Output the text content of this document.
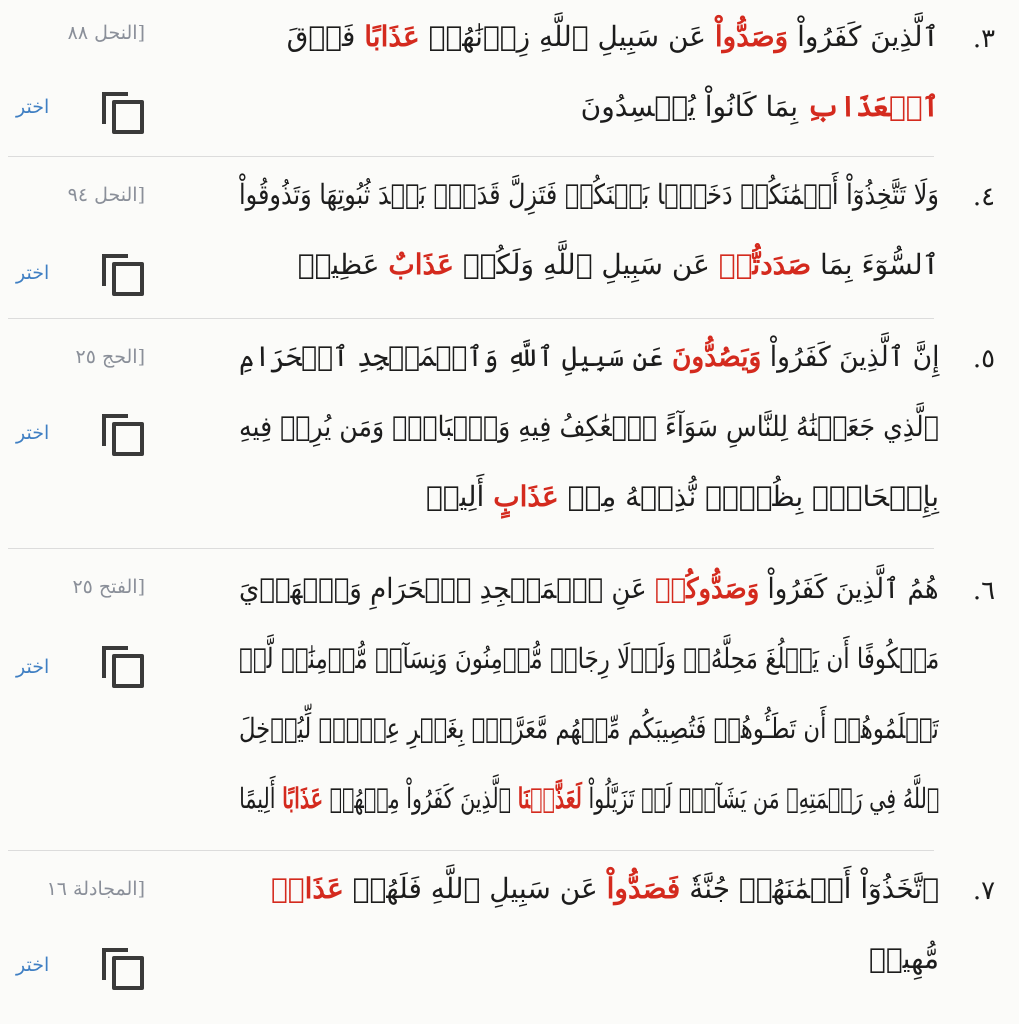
٣.
ٱلَّذِينَ كَفَرُواْ وَصَدُّواْ عَن سَبِيلِ ٱللَّهِ زِدۡنَٰهُمۡ عَذَابًا فَوۡقَ
ٱلۡعَذَابِ بِمَا كَانُواْ يُفۡسِدُونَ
[النحل ٨٨
اختر
٤.
وَلَا تَتَّخِذُوٓاْ أَيۡمَٰنَكُمۡ دَخَلَۢا بَيۡنَكُمۡ فَتَزِلَّ قَدَمُۢ بَعۡدَ ثُبُوتِهَا وَتَذُوقُواْ
ٱلسُّوٓءَ بِمَا صَدَدتُّمۡ عَن سَبِيلِ ٱللَّهِ وَلَكُمۡ عَذَابٌ عَظِيمٞ
[النحل ٩٤
اختر
٥.
إِنَّ ٱلَّذِينَ كَفَرُواْ وَيَصُدُّونَ عَن سَبِيلِ ٱللَّهِ وَٱلۡمَسۡجِدِ ٱلۡحَرَامِ
ٱلَّذِي جَعَلۡنَٰهُ لِلنَّاسِ سَوَآءً ٱلۡعَٰكِفُ فِيهِ وَٱلۡبَادِۚ وَمَن يُرِدۡ فِيهِ
بِإِلۡحَادِۢ بِظُلۡمٖ نُّذِقۡهُ مِنۡ عَذَابٍ أَلِيمٖ
[الحج ٢٥
اختر
٦.
هُمُ ٱلَّذِينَ كَفَرُواْ وَصَدُّوكُمۡ عَنِ ٱلۡمَسۡجِدِ ٱلۡحَرَامِ وَٱلۡهَدۡيَ
مَعۡكُوفًا أَن يَبۡلُغَ مَحِلَّهُۥۚ وَلَوۡلَا رِجَالٞ مُّؤۡمِنُونَ وَنِسَآءٞ مُّؤۡمِنَٰتٞ لَّمۡ
تَعۡلَمُوهُمۡ أَن تَطَـُٔوهُمۡ فَتُصِيبَكُم مِّنۡهُم مَّعَرَّةُۢ بِغَيۡرِ عِلۡمٖۖ لِّيُدۡخِلَ
ٱللَّهُ فِي رَحۡمَتِهِۦ مَن يَشَآءُۚ لَوۡ تَزَيَّلُواْ لَعَذَّبۡنَا ٱلَّذِينَ كَفَرُواْ مِنۡهُمۡ عَذَابًا أَلِيمًا
[الفتح ٢٥
اختر
٧.
ٱتَّخَذُوٓاْ أَيۡمَٰنَهُمۡ جُنَّةٗ فَصَدُّواْ عَن سَبِيلِ ٱللَّهِ فَلَهُمۡ عَذَابٞ
مُّهِينٞ
[المجادلة ١٦
اختر
